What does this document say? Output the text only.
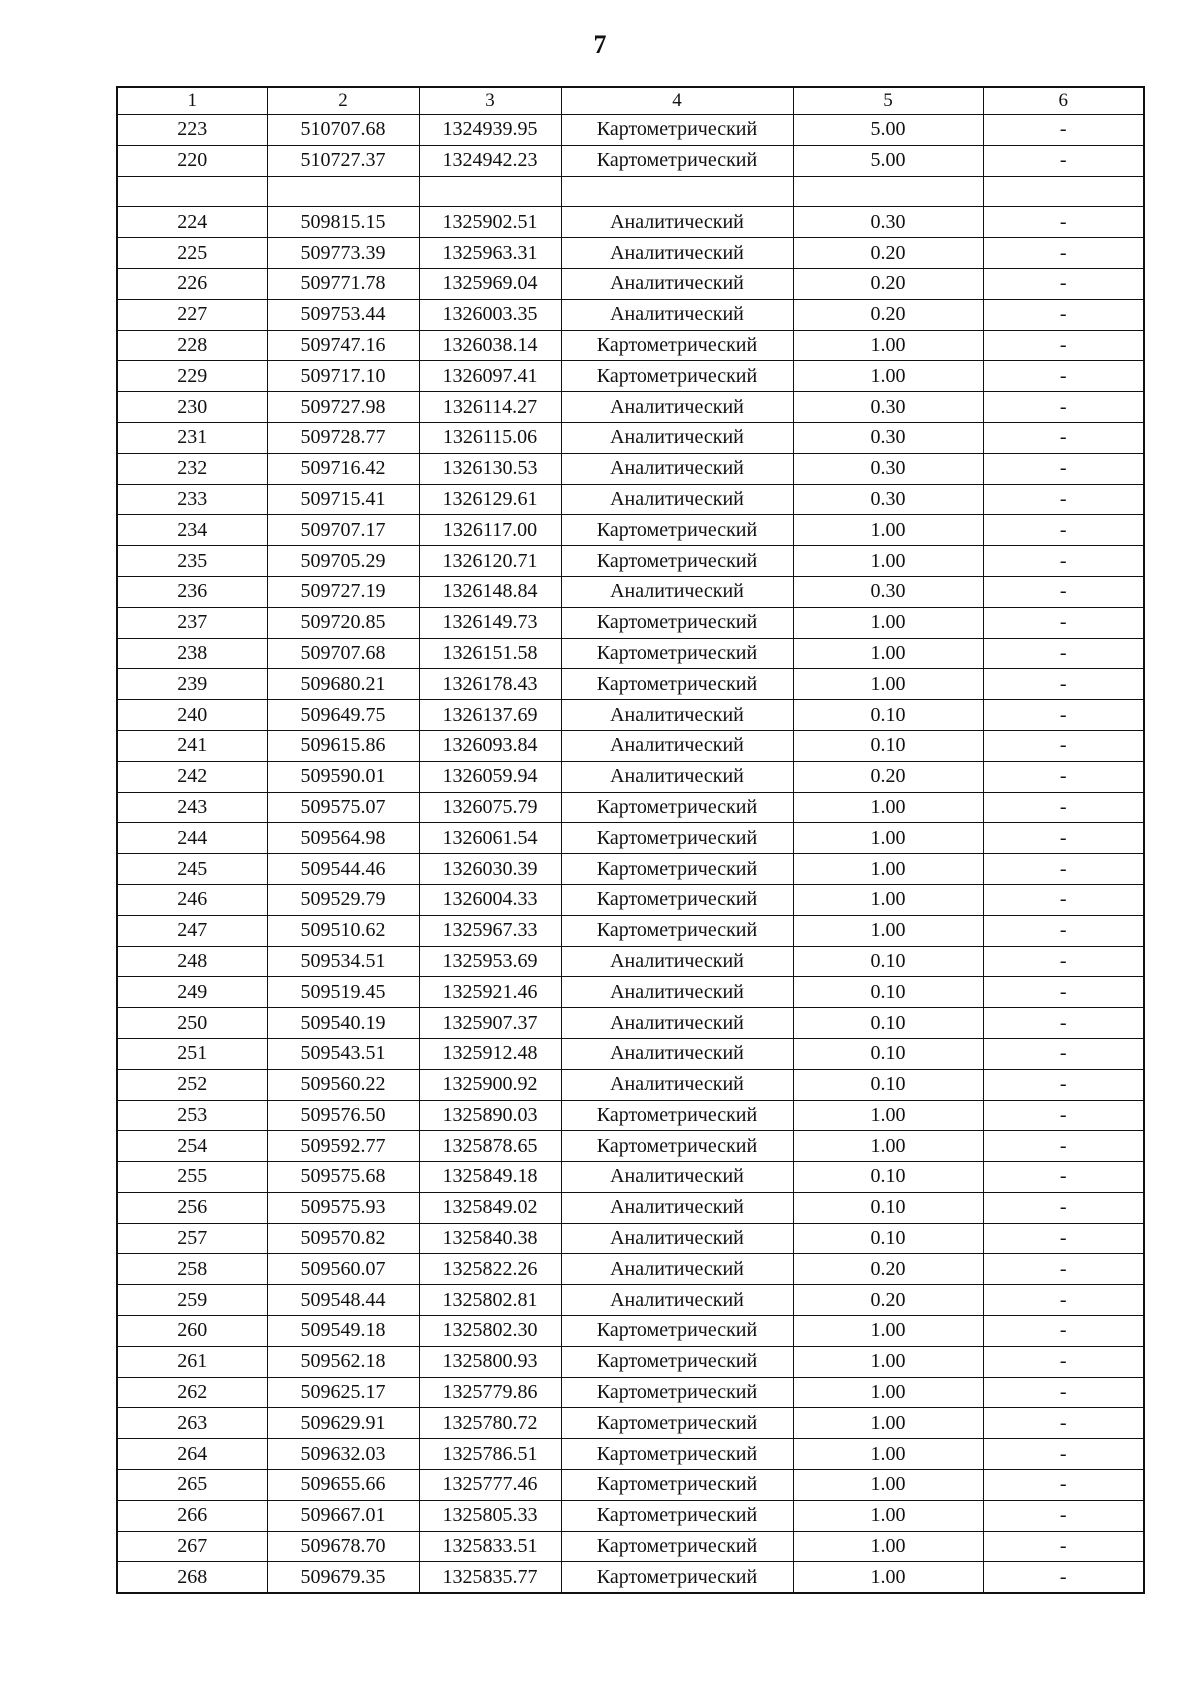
7
1	2	3	4	5	6
223	510707.68	1324939.95	Картометрический	5.00	-
220	510727.37	1324942.23	Картометрический	5.00	-

224	509815.15	1325902.51	Аналитический	0.30	-
225	509773.39	1325963.31	Аналитический	0.20	-
226	509771.78	1325969.04	Аналитический	0.20	-
227	509753.44	1326003.35	Аналитический	0.20	-
228	509747.16	1326038.14	Картометрический	1.00	-
229	509717.10	1326097.41	Картометрический	1.00	-
230	509727.98	1326114.27	Аналитический	0.30	-
231	509728.77	1326115.06	Аналитический	0.30	-
232	509716.42	1326130.53	Аналитический	0.30	-
233	509715.41	1326129.61	Аналитический	0.30	-
234	509707.17	1326117.00	Картометрический	1.00	-
235	509705.29	1326120.71	Картометрический	1.00	-
236	509727.19	1326148.84	Аналитический	0.30	-
237	509720.85	1326149.73	Картометрический	1.00	-
238	509707.68	1326151.58	Картометрический	1.00	-
239	509680.21	1326178.43	Картометрический	1.00	-
240	509649.75	1326137.69	Аналитический	0.10	-
241	509615.86	1326093.84	Аналитический	0.10	-
242	509590.01	1326059.94	Аналитический	0.20	-
243	509575.07	1326075.79	Картометрический	1.00	-
244	509564.98	1326061.54	Картометрический	1.00	-
245	509544.46	1326030.39	Картометрический	1.00	-
246	509529.79	1326004.33	Картометрический	1.00	-
247	509510.62	1325967.33	Картометрический	1.00	-
248	509534.51	1325953.69	Аналитический	0.10	-
249	509519.45	1325921.46	Аналитический	0.10	-
250	509540.19	1325907.37	Аналитический	0.10	-
251	509543.51	1325912.48	Аналитический	0.10	-
252	509560.22	1325900.92	Аналитический	0.10	-
253	509576.50	1325890.03	Картометрический	1.00	-
254	509592.77	1325878.65	Картометрический	1.00	-
255	509575.68	1325849.18	Аналитический	0.10	-
256	509575.93	1325849.02	Аналитический	0.10	-
257	509570.82	1325840.38	Аналитический	0.10	-
258	509560.07	1325822.26	Аналитический	0.20	-
259	509548.44	1325802.81	Аналитический	0.20	-
260	509549.18	1325802.30	Картометрический	1.00	-
261	509562.18	1325800.93	Картометрический	1.00	-
262	509625.17	1325779.86	Картометрический	1.00	-
263	509629.91	1325780.72	Картометрический	1.00	-
264	509632.03	1325786.51	Картометрический	1.00	-
265	509655.66	1325777.46	Картометрический	1.00	-
266	509667.01	1325805.33	Картометрический	1.00	-
267	509678.70	1325833.51	Картометрический	1.00	-
268	509679.35	1325835.77	Картометрический	1.00	-
